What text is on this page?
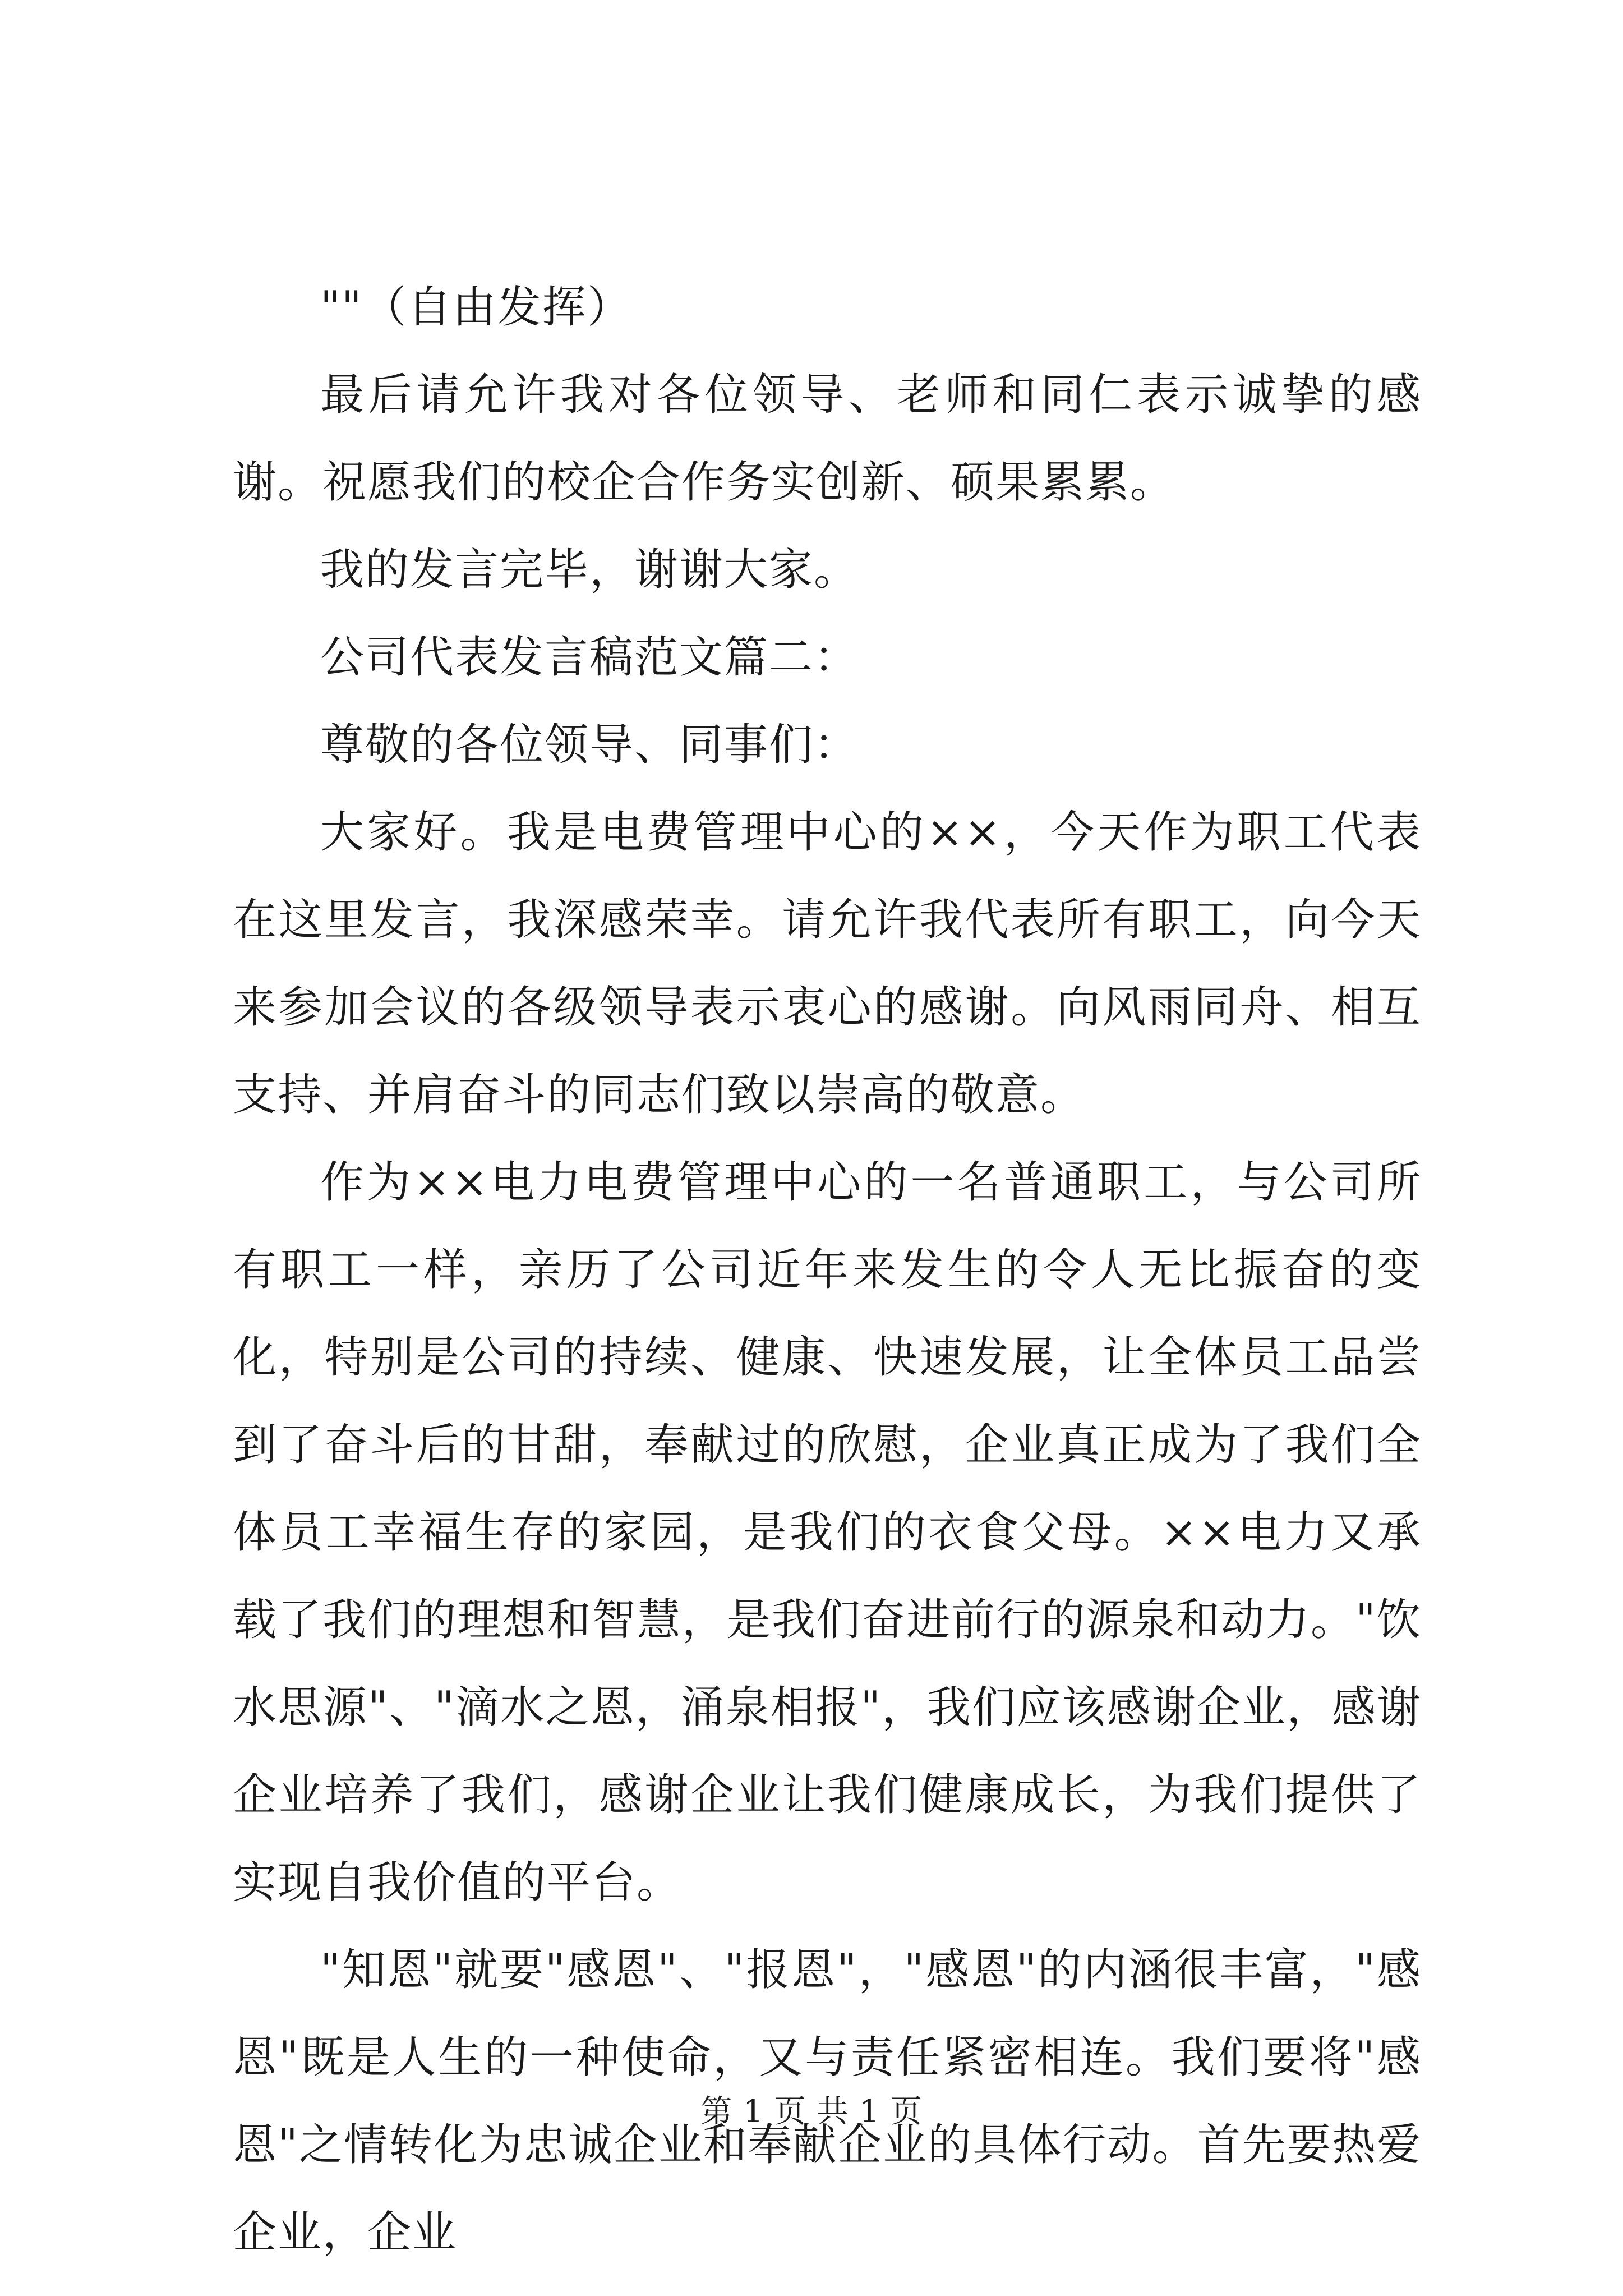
""（自由发挥）

最后请允许我对各位领导、老师和同仁表示诚挚的感谢。祝愿我们的校企合作务实创新、硕果累累。

我的发言完毕，谢谢大家。

公司代表发言稿范文篇二：

尊敬的各位领导、同事们：

大家好。我是电费管理中心的××，今天作为职工代表在这里发言，我深感荣幸。请允许我代表所有职工，向今天来参加会议的各级领导表示衷心的感谢。向风雨同舟、相互支持、并肩奋斗的同志们致以崇高的敬意。

作为××电力电费管理中心的一名普通职工，与公司所有职工一样，亲历了公司近年来发生的令人无比振奋的变化，特别是公司的持续、健康、快速发展，让全体员工品尝到了奋斗后的甘甜，奉献过的欣慰，企业真正成为了我们全体员工幸福生存的家园，是我们的衣食父母。××电力又承载了我们的理想和智慧，是我们奋进前行的源泉和动力。"饮水思源"、"滴水之恩，涌泉相报"，我们应该感谢企业，感谢企业培养了我们，感谢企业让我们健康成长，为我们提供了实现自我价值的平台。

"知恩"就要"感恩"、"报恩"，"感恩"的内涵很丰富，"感恩"既是人生的一种使命，又与责任紧密相连。我们要将"感恩"之情转化为忠诚企业和奉献企业的具体行动。首先要热爱企业，企业

第 1 页 共 1 页
